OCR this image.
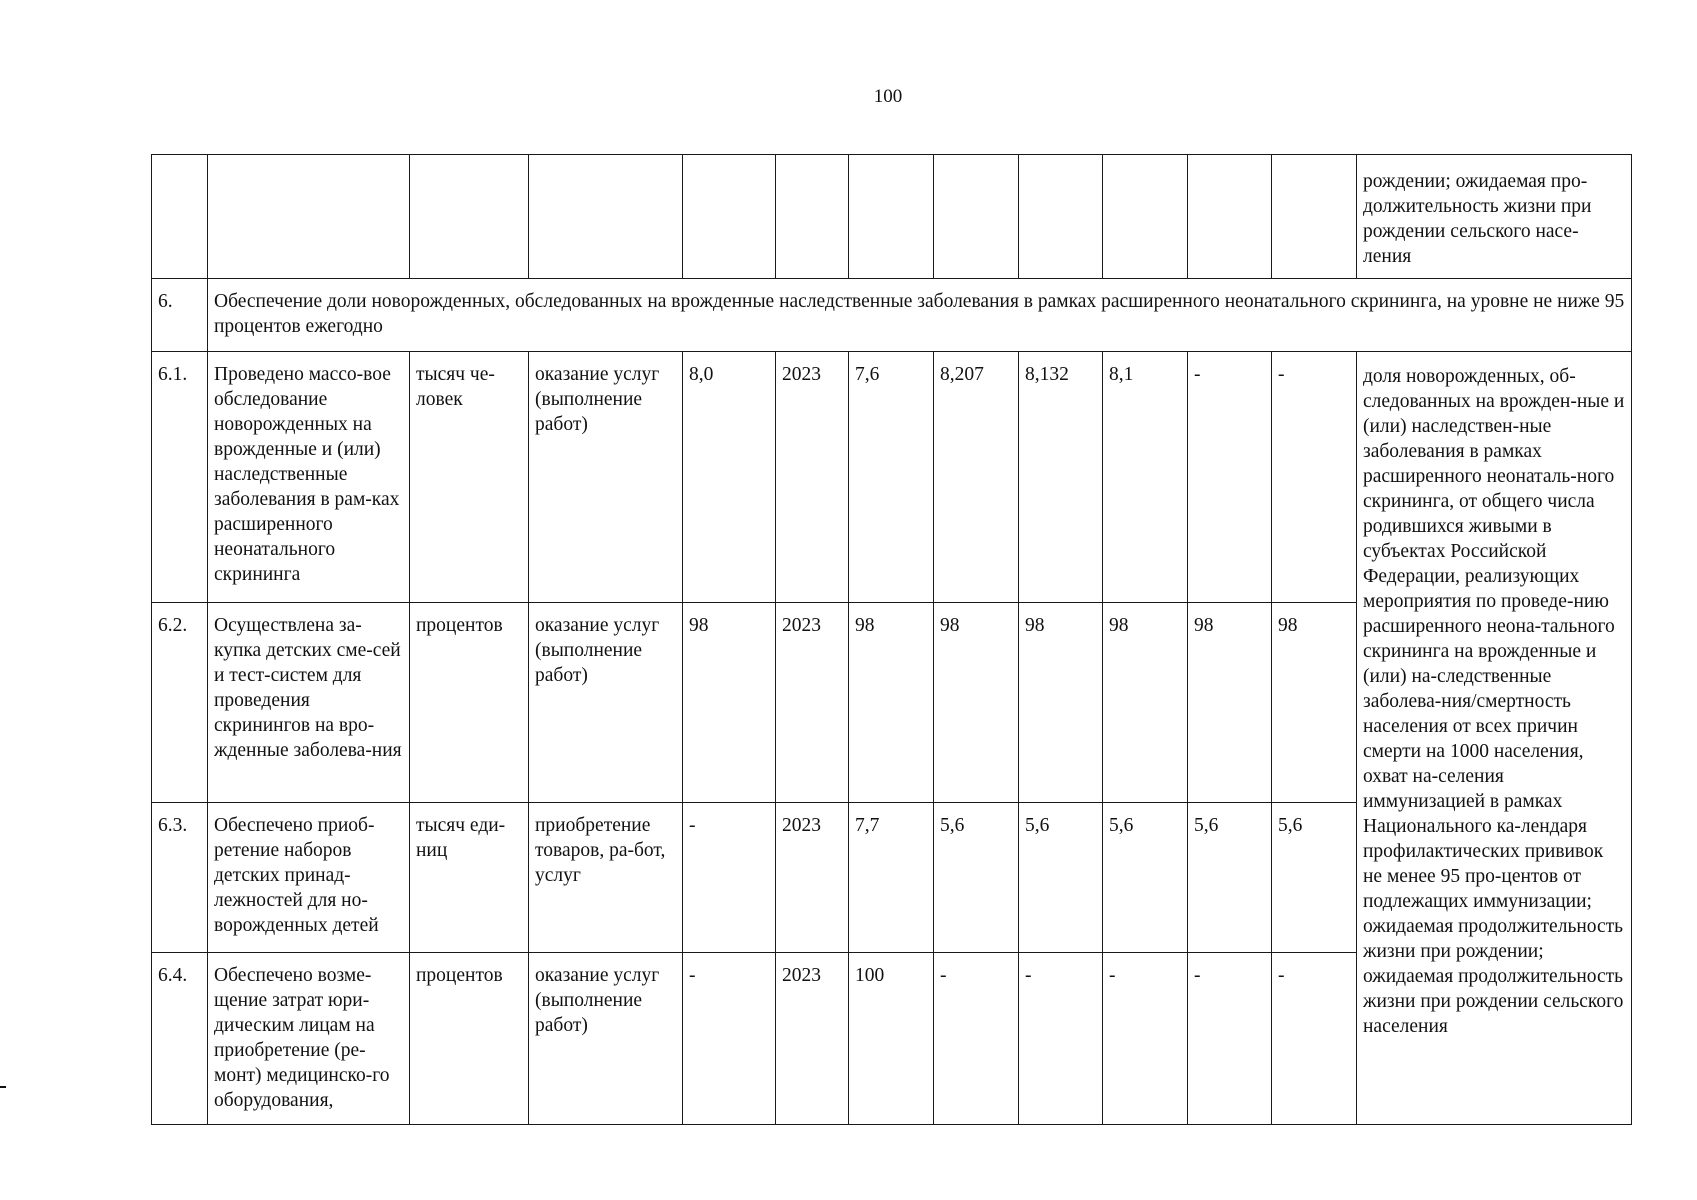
100
												рождении; ожидаемая про-должительность жизни при рождении сельского насе-ления
6.	Обеспечение доли новорожденных, обследованных на врожденные наследственные заболевания в рамках расширенного неонатального скрининга, на уровне не ниже 95 процентов ежегодно											
6.1.	Проведено массо-вое обследование новорожденных на врожденные и (или) наследственные заболевания в рам-ках расширенного неонатального скрининга	тысяч че-ловек	оказание услуг (выполнение работ)	8,0	2023	7,6	8,207	8,132	8,1	-	-	доля новорожденных, об-следованных на врожден-ные и (или) наследствен-ные заболевания в рамках расширенного неонаталь-ного скрининга, от общего числа родившихся живыми в субъектах Российской Федерации, реализующих мероприятия по проведе-нию расширенного неона-тального скрининга на врожденные и (или) на-следственные заболева-ния/смертность населения от всех причин смерти на 1000 населения, охват на-селения иммунизацией в рамках Национального ка-лендаря профилактических прививок не менее 95 про-центов от подлежащих иммунизации; ожидаемая продолжительность жизни при рождении; ожидаемая продолжительность жизни при рождении сельского населения
6.2.	Осуществлена за-купка детских сме-сей и тест-систем для проведения скринингов на вро-жденные заболева-ния	процентов	оказание услуг (выполнение работ)	98	2023	98	98	98	98	98	98	
6.3.	Обеспечено приоб-ретение наборов детских принад-лежностей для но-ворожденных детей	тысяч еди-ниц	приобретение товаров, ра-бот, услуг	-	2023	7,7	5,6	5,6	5,6	5,6	5,6	
6.4.	Обеспечено возме-щение затрат юри-дическим лицам на приобретение (ре-монт) медицинско-го оборудования,	процентов	оказание услуг (выполнение работ)	-	2023	100	-	-	-	-	-	
